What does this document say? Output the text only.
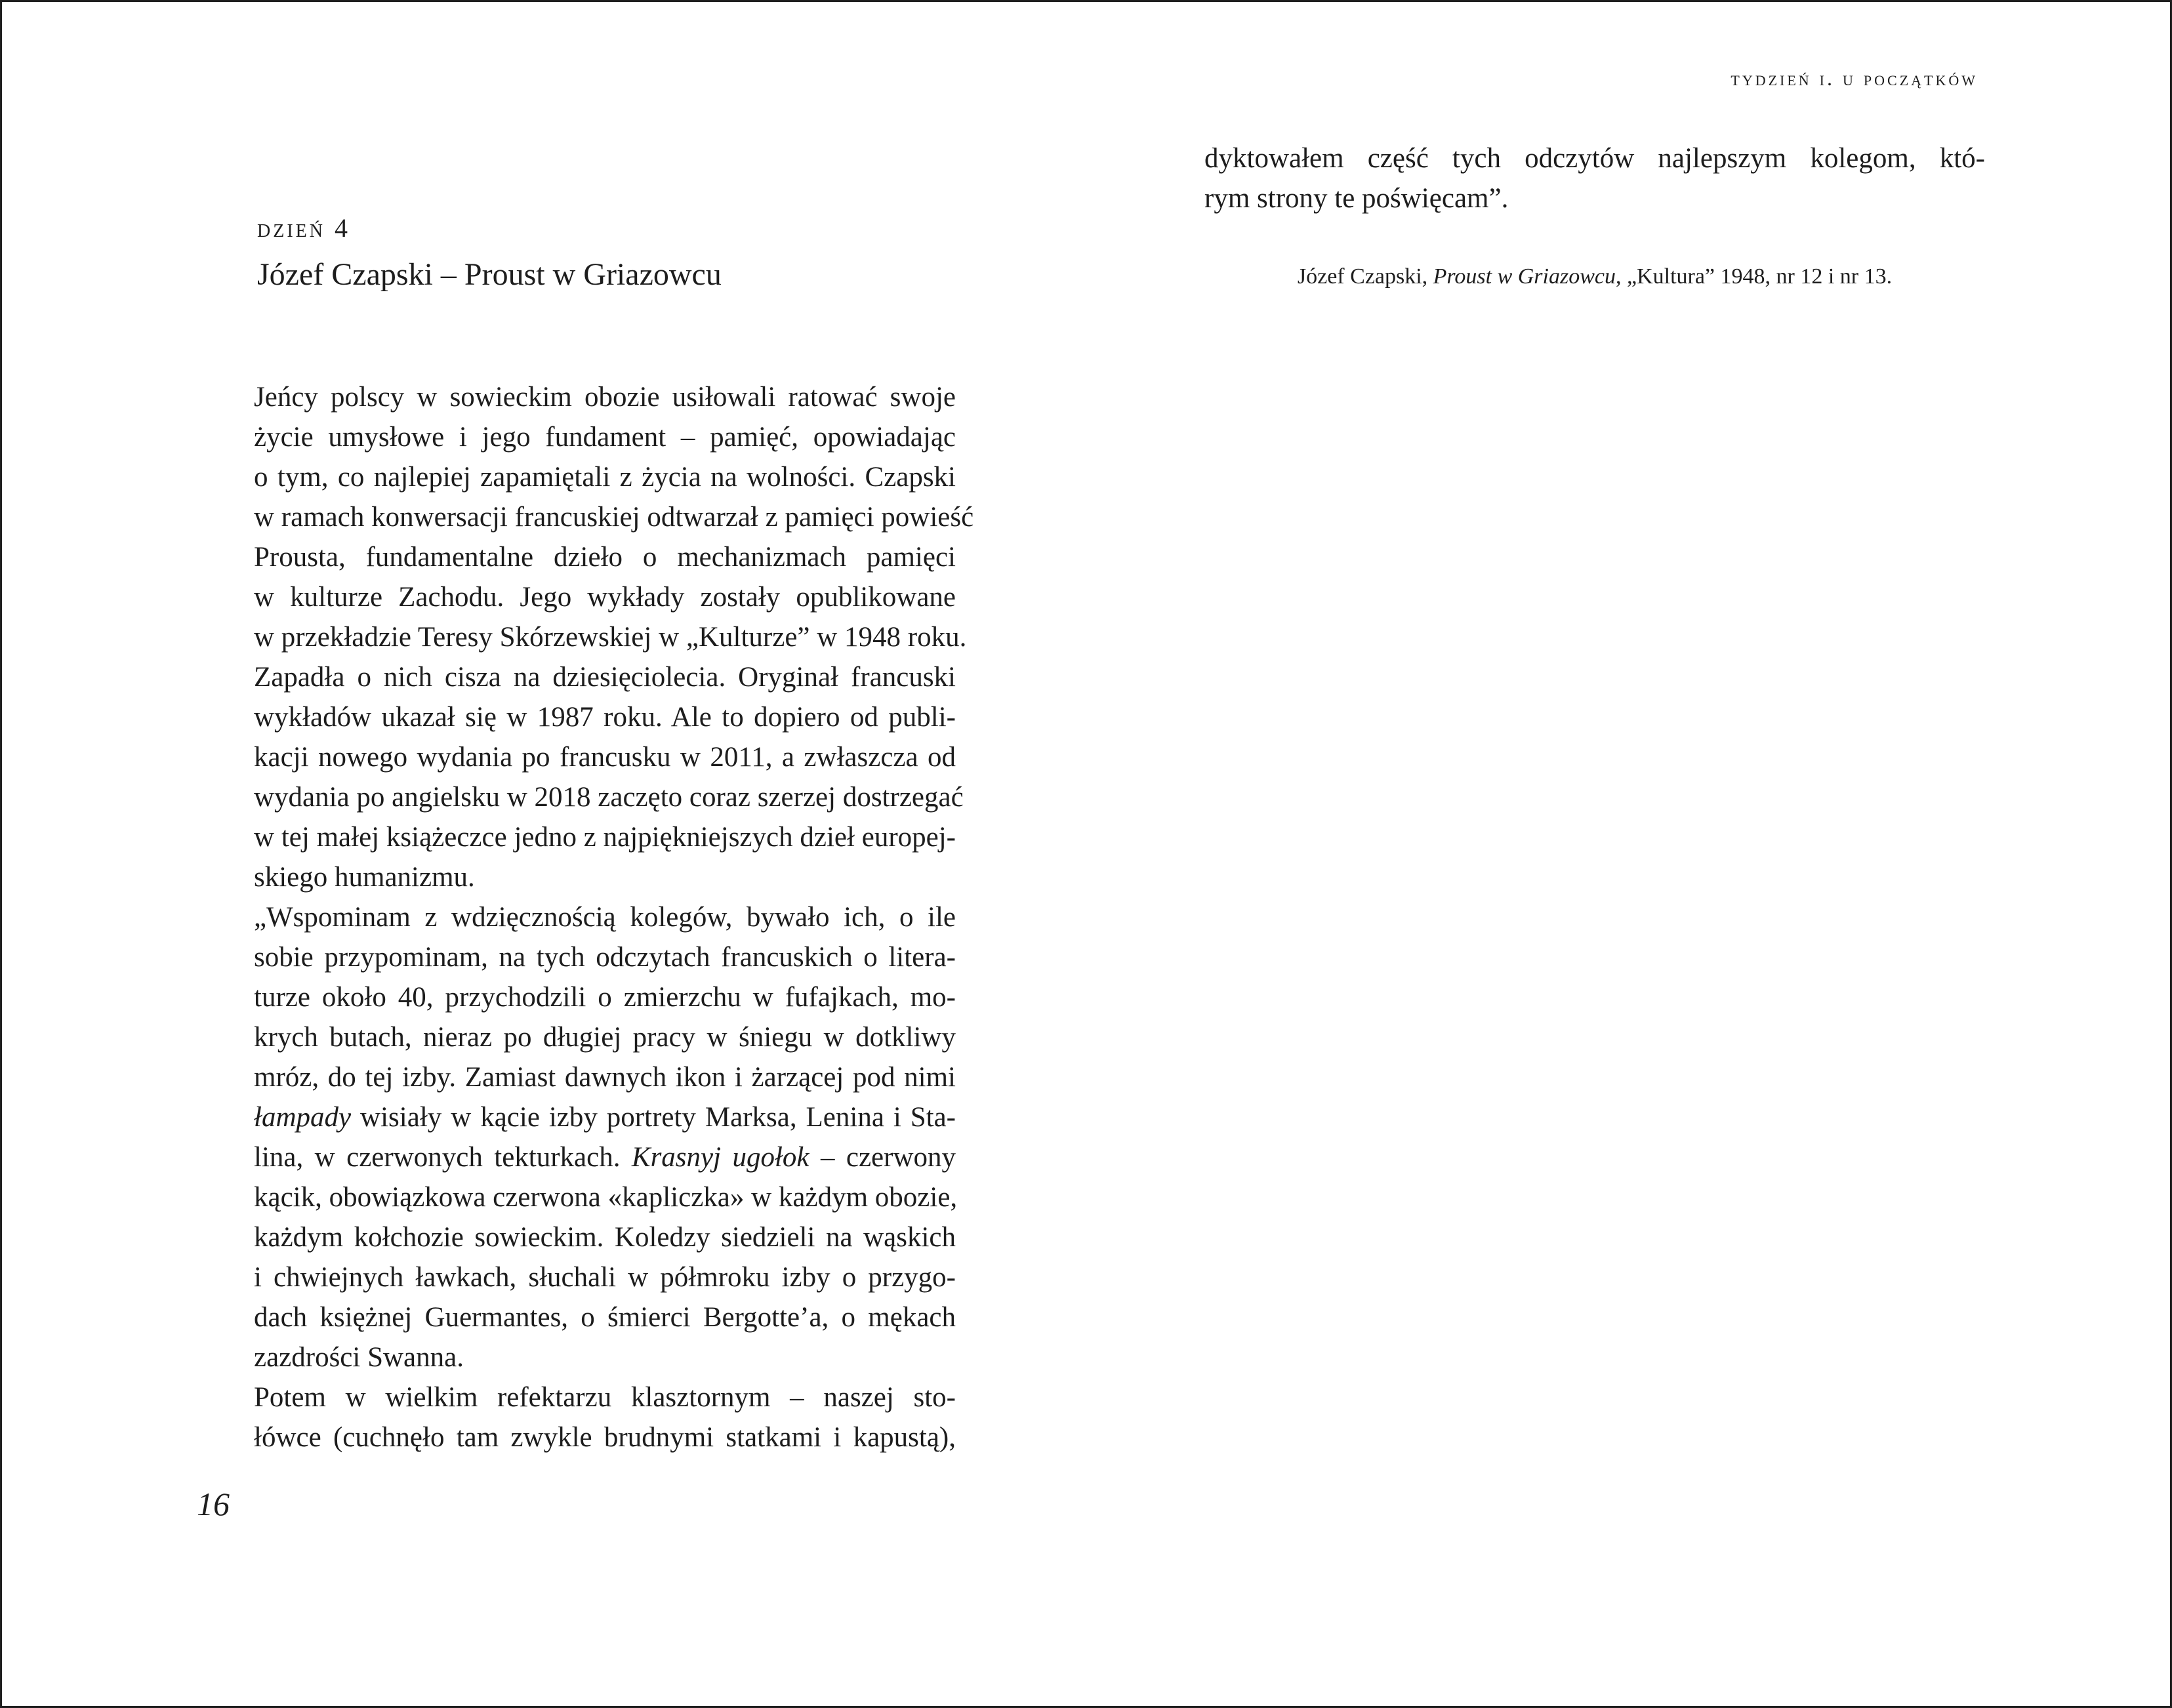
dzień 4
Józef Czapski – Proust w Griazowcu

Jeńcy polscy w sowieckim obozie usiłowali ratować swoje
życie umysłowe i jego fundament – pamięć, opowiadając
o tym, co najlepiej zapamiętali z życia na wolności. Czapski
w ramach konwersacji francuskiej odtwarzał z pamięci powieść
Prousta, fundamentalne dzieło o mechanizmach pamięci
w kulturze Zachodu. Jego wykłady zostały opublikowane
w przekładzie Teresy Skórzewskiej w „Kulturze” w 1948 roku.
Zapadła o nich cisza na dziesięciolecia. Oryginał francuski
wykładów ukazał się w 1987 roku. Ale to dopiero od publi-
kacji nowego wydania po francusku w 2011, a zwłaszcza od
wydania po angielsku w 2018 zaczęto coraz szerzej dostrzegać
w tej małej książeczce jedno z najpiękniejszych dzieł europej-
skiego humanizmu.

„Wspominam z wdzięcznością kolegów, bywało ich, o ile
sobie przypominam, na tych odczytach francuskich o litera-
turze około 40, przychodzili o zmierzchu w fufajkach, mo-
krych butach, nieraz po długiej pracy w śniegu w dotkliwy
mróz, do tej izby. Zamiast dawnych ikon i żarzącej pod nimi
łampady wisiały w kącie izby portrety Marksa, Lenina i Sta-
lina, w czerwonych tekturkach. Krasnyj ugołok – czerwony
kącik, obowiązkowa czerwona «kapliczka» w każdym obozie,
każdym kołchozie sowieckim. Koledzy siedzieli na wąskich
i chwiejnych ławkach, słuchali w półmroku izby o przygo-
dach księżnej Guermantes, o śmierci Bergotte’a, o mękach
zazdrości Swanna.

Potem w wielkim refektarzu klasztornym – naszej sto-
łówce (cuchnęło tam zwykle brudnymi statkami i kapustą),

16
tydzień i. u początków
dyktowałem część tych odczytów najlepszym kolegom, któ-
rym strony te poświęcam”.
Józef Czapski, Proust w Griazowcu, „Kultura” 1948, nr 12 i nr 13.
